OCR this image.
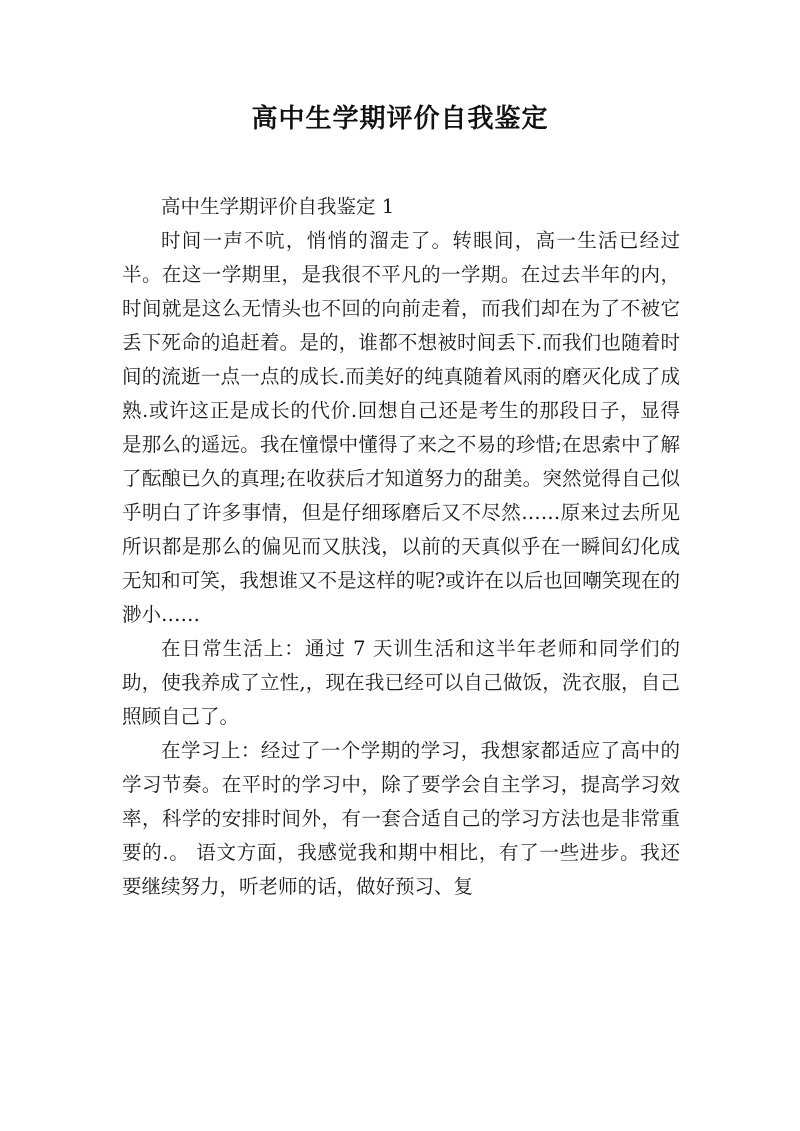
高中生学期评价自我鉴定

高中生学期评价自我鉴定 1

时间一声不吭，悄悄的溜走了。转眼间，高一生活已经过半。在这一学期里，是我很不平凡的一学期。在过去半年的内，时间就是这么无情头也不回的向前走着，而我们却在为了不被它丢下死命的追赶着。是的，谁都不想被时间丢下.而我们也随着时间的流逝一点一点的成长.而美好的纯真随着风雨的磨灭化成了成熟.或许这正是成长的代价.回想自己还是考生的那段日子，显得是那么的遥远。我在憧憬中懂得了来之不易的珍惜;在思索中了解了酝酿已久的真理;在收获后才知道努力的甜美。突然觉得自己似乎明白了许多事情，但是仔细琢磨后又不尽然……原来过去所见所识都是那么的偏见而又肤浅，以前的天真似乎在一瞬间幻化成无知和可笑，我想谁又不是这样的呢?或许在以后也回嘲笑现在的渺小……

在日常生活上：通过 7 天训生活和这半年老师和同学们的助，使我养成了立性,，现在我已经可以自己做饭，洗衣服，自己照顾自己了。

在学习上：经过了一个学期的学习，我想家都适应了高中的学习节奏。在平时的学习中，除了要学会自主学习，提高学习效率，科学的安排时间外，有一套合适自己的学习方法也是非常重要的.。 语文方面，我感觉我和期中相比，有了一些进步。我还要继续努力，听老师的话，做好预习、复
